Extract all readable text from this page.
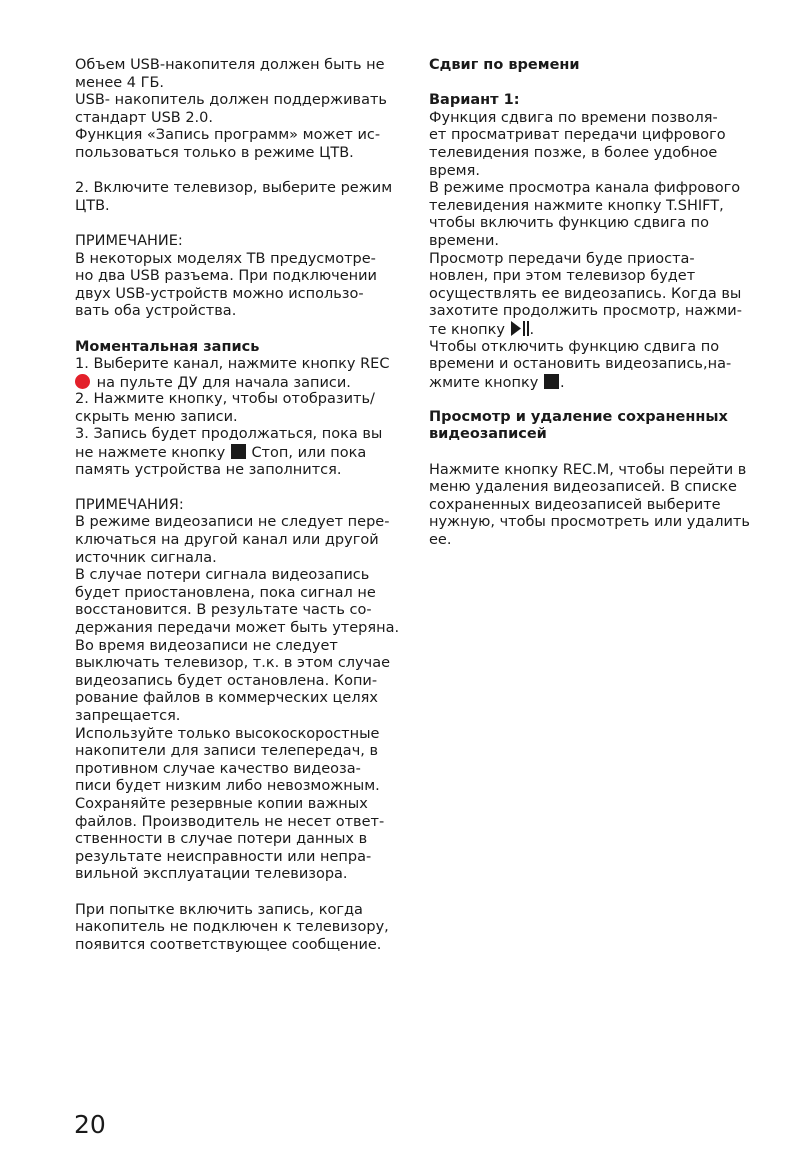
Объем USB-накопителя должен быть не
менее 4 ГБ.
USB- накопитель должен поддерживать
стандарт USB 2.0.
Функция «Запись программ» может ис-
пользоваться только в режиме ЦТВ.
2. Включите телевизор, выберите режим
ЦТВ.
ПРИМЕЧАНИЕ:
В некоторых моделях ТВ предусмотре-
но два USB разъема. При подключении
двух USB-устройств можно использо-
вать оба устройства.
Моментальная запись
1. Выберите канал, нажмите кнопку REC
на пульте ДУ для начала записи.
2. Нажмите кнопку, чтобы отобразить/
скрыть меню записи.
3. Запись будет продолжаться, пока вы
не нажмете кнопку Стоп, или пока
память устройства не заполнится.
ПРИМЕЧАНИЯ:
В режиме видеозаписи не следует пере-
ключаться на другой канал или другой
источник сигнала.
В случае потери сигнала видеозапись
будет приостановлена, пока сигнал не
восстановится. В результате часть со-
держания передачи может быть утеряна.
Во время видеозаписи не следует
выключать телевизор, т.к. в этом случае
видеозапись будет остановлена. Копи-
рование файлов в коммерческих целях
запрещается.
Используйте только высокоскоростные
накопители для записи телепередач, в
противном случае качество видеоза-
писи будет низким либо невозможным.
Сохраняйте резервные копии важных
файлов. Производитель не несет ответ-
ственности в случае потери данных в
результате неисправности или непра-
вильной эксплуатации телевизора.
При попытке включить запись, когда
накопитель не подключен к телевизору,
появится соответствующее сообщение.
Сдвиг по времени
Вариант 1:
Функция сдвига по времени позволя-
ет просматриват передачи цифрового
телевидения позже, в более удобное
время.
В режиме просмотра канала фифрового
телевидения нажмите кнопку T.SHIFT,
чтобы включить функцию сдвига по
времени.
Просмотр передачи буде приоста-
новлен, при этом телевизор будет
осуществлять ее видеозапись. Когда вы
захотите продолжить просмотр, нажми-
те кнопку .
Чтобы отключить функцию сдвига по
времени и остановить видеозапись,на-
жмите кнопку .
Просмотр и удаление сохраненных
видеозаписей
Нажмите кнопку REC.M, чтобы перейти в
меню удаления видеозаписей. В списке
сохраненных видеозаписей выберите
нужную, чтобы просмотреть или удалить
ее.
20
